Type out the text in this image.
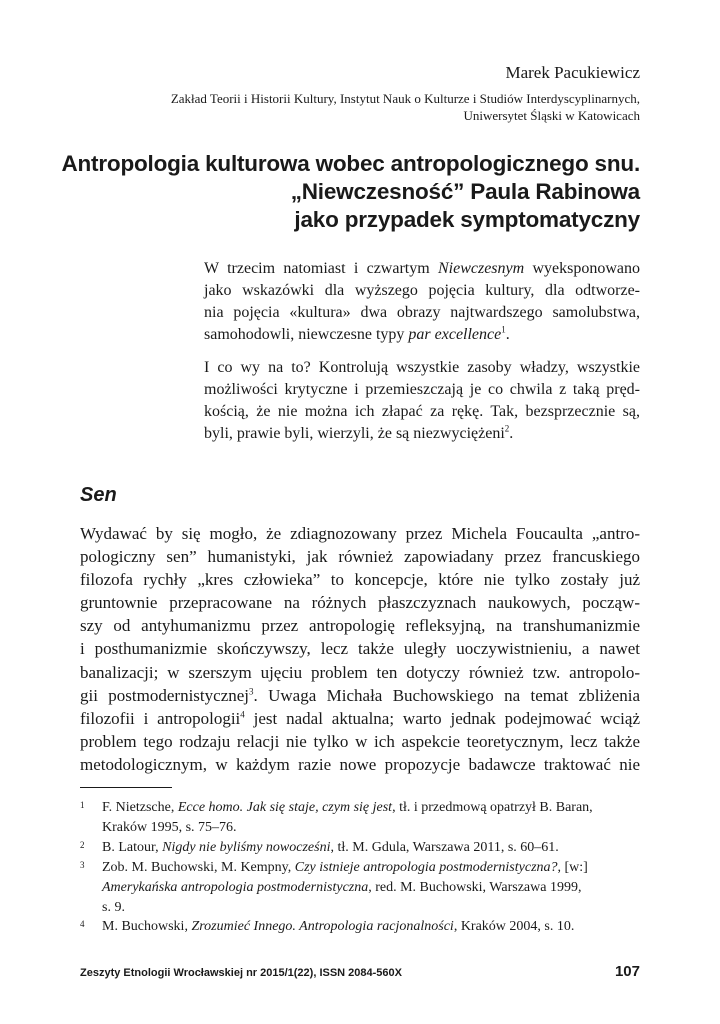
Marek Pacukiewicz
Zakład Teorii i Historii Kultury, Instytut Nauk o Kulturze i Studiów Interdyscyplinarnych,
Uniwersytet Śląski w Katowicach
Antropologia kulturowa wobec antropologicznego snu.
„Niewczesność” Paula Rabinowa
jako przypadek symptomatyczny
W trzecim natomiast i czwartym Niewczesnym wyeksponowano
jako wskazówki dla wyższego pojęcia kultury, dla odtworze-
nia pojęcia «kultura» dwa obrazy najtwardszego samolubstwa,
samohodowli, niewczesne typy par excellence$^1$.
I co wy na to? Kontrolują wszystkie zasoby władzy, wszystkie
możliwości krytyczne i przemieszczają je co chwila z taką pręd-
kością, że nie można ich złapać za rękę. Tak, bezsprzecznie są,
byli, prawie byli, wierzyli, że są niezwyciężeni$^2$.
Sen
Wydawać by się mogło, że zdiagnozowany przez Michela Foucaulta „antro-
pologiczny sen” humanistyki, jak również zapowiadany przez francuskiego
filozofa rychły „kres człowieka” to koncepcje, które nie tylko zostały już
gruntownie przepracowane na różnych płaszczyznach naukowych, począw-
szy od antyhumanizmu przez antropologię refleksyjną, na transhumanizmie
i posthumanizmie skończywszy, lecz także uległy uoczywistnieniu, a nawet
banalizacji; w szerszym ujęciu problem ten dotyczy również tzw. antropolo-
gii postmodernistycznej$^3$. Uwaga Michała Buchowskiego na temat zbliżenia
filozofii i antropologii$^4$ jest nadal aktualna; warto jednak podejmować wciąż
problem tego rodzaju relacji nie tylko w ich aspekcie teoretycznym, lecz także
metodologicznym, w każdym razie nowe propozycje badawcze traktować nie
1 F. Nietzsche, Ecce homo. Jak się staje, czym się jest, tł. i przedmową opatrzył B. Baran,
Kraków 1995, s. 75–76.
2 B. Latour, Nigdy nie byliśmy nowocześni, tł. M. Gdula, Warszawa 2011, s. 60–61.
3 Zob. M. Buchowski, M. Kempny, Czy istnieje antropologia postmodernistyczna?, [w:]
Amerykańska antropologia postmodernistyczna, red. M. Buchowski, Warszawa 1999,
s. 9.
4 M. Buchowski, Zrozumieć Innego. Antropologia racjonalności, Kraków 2004, s. 10.
Zeszyty Etnologii Wrocławskiej nr 2015/1(22), ISSN 2084-560X	107
